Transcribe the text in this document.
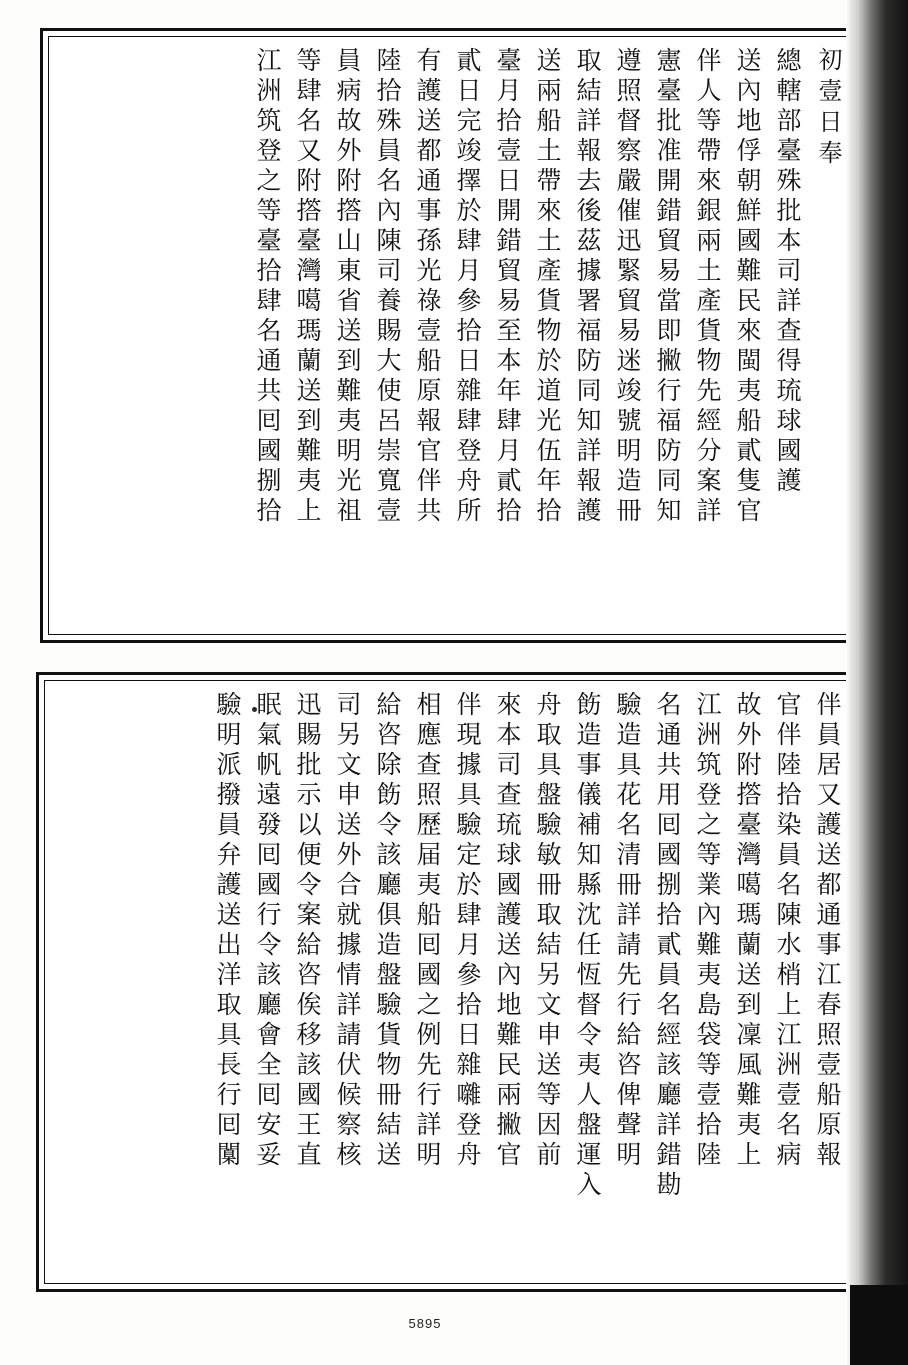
初壹日奉
總轄部臺殊批本司詳查得琉球國護
送內地俘朝鮮國難民來閩夷船貳隻官
伴人等帶來銀兩土產貨物先經分案詳
憲臺批准開錯貿易當即撇行福防同知
遵照督察嚴催迅緊貿易迷竣號明造冊
取結詳報去後茲據署福防同知詳報護
送兩船土帶來土產貨物於道光伍年拾
臺月拾壹日開錯貿易至本年肆月貳拾
貳日完竣擇於肆月參拾日雜肆登舟所
有護送都通事孫光祿壹船原報官伴共
陸拾殊員名內陳司養賜大使呂崇寬壹
員病故外附撘山東省送到難夷明光祖
等肆名又附撘臺灣噶瑪蘭送到難夷上
江洲筑登之等臺拾肆名通共囘國捌拾
伴員居又護送都通事江春照壹船原報
官伴陸拾染員名陳水梢上江洲壹名病
故外附撘臺灣噶瑪蘭送到凜風難夷上
江洲筑登之等業內難夷島袋等壹拾陸
名通共用囘國捌拾貳員名經該廳詳錯勘
驗造具花名清冊詳請先行給咨俾聲明
飭造事儀補知縣沈任恆督令夷人盤運入
舟取具盤驗敏冊取結另文申送等因前
來本司查琉球國護送內地難民兩撇官
伴現據具驗定於肆月參拾日雜囃登舟
相應查照歷届夷船囘國之例先行詳明
給咨除飭令該廳俱造盤驗貨物冊結送
司另文申送外合就據情詳請伏候察核
迅賜批示以便令案給咨俟移該國王直
眠氣帆遠發囘國行令該廳會全囘安妥
驗明派撥員弁護送出洋取具長行囘闑
5895
